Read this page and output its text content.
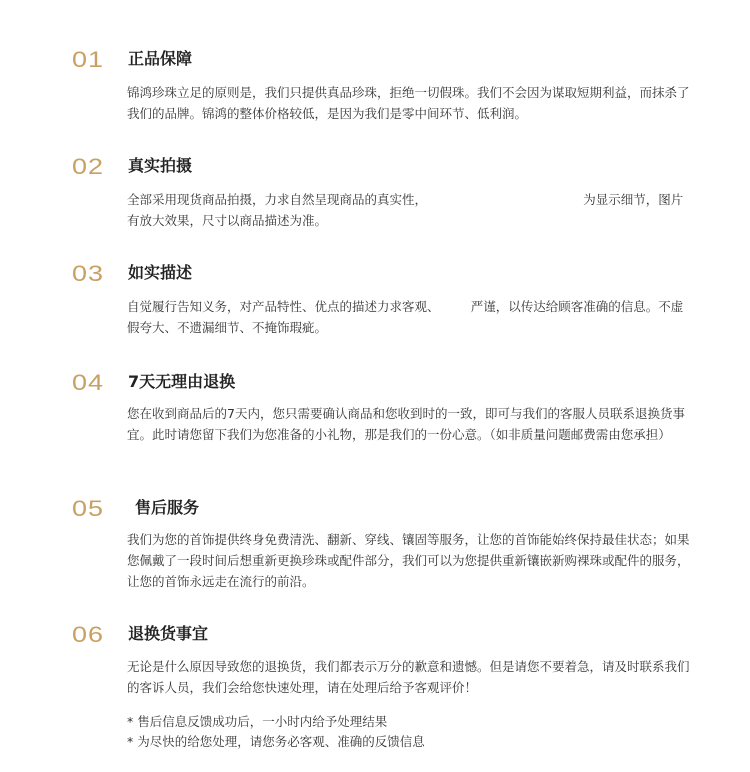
01 正品保障

锦鸿珍珠立足的原则是，我们只提供真品珍珠，拒绝一切假珠。我们不会因为谋取短期利益，而抹杀了我们的品牌。锦鸿的整体价格较低，是因为我们是零中间环节、低利润。

02 真实拍摄

全部采用现货商品拍摄，力求自然呈现商品的真实性，　　　　　　　　　　　　　为显示细节，图片有放大效果，尺寸以商品描述为准。

03 如实描述

自觉履行告知义务，对产品特性、优点的描述力求客观、　　　严谨，以传达给顾客准确的信息。不虚假夸大、不遗漏细节、不掩饰瑕疵。

04 7天无理由退换

您在收到商品后的7天内，您只需要确认商品和您收到时的一致，即可与我们的客服人员联系退换货事宜。此时请您留下我们为您准备的小礼物，那是我们的一份心意。（如非质量问题邮费需由您承担）

05 售后服务

我们为您的首饰提供终身免费清洗、翻新、穿线、镶固等服务，让您的首饰能始终保持最佳状态；如果您佩戴了一段时间后想重新更换珍珠或配件部分，我们可以为您提供重新镶嵌新购裸珠或配件的服务，让您的首饰永远走在流行的前沿。

06 退换货事宜

无论是什么原因导致您的退换货，我们都表示万分的歉意和遗憾。但是请您不要着急，请及时联系我们的客诉人员，我们会给您快速处理，请在处理后给予客观评价！

* 售后信息反馈成功后，一小时内给予处理结果
* 为尽快的给您处理，请您务必客观、准确的反馈信息
